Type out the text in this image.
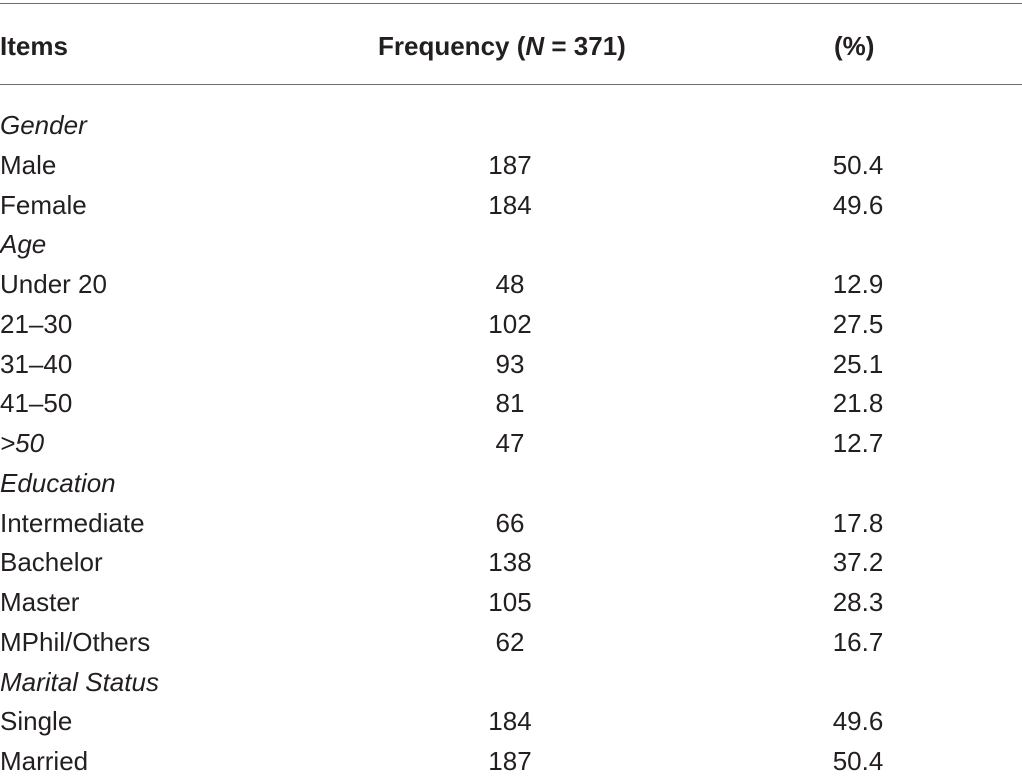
Items	Frequency (N = 371)	(%)
Gender
Male	187	50.4
Female	184	49.6
Age
Under 20	48	12.9
21–30	102	27.5
31–40	93	25.1
41–50	81	21.8
>50	47	12.7
Education
Intermediate	66	17.8
Bachelor	138	37.2
Master	105	28.3
MPhil/Others	62	16.7
Marital Status
Single	184	49.6
Married	187	50.4
